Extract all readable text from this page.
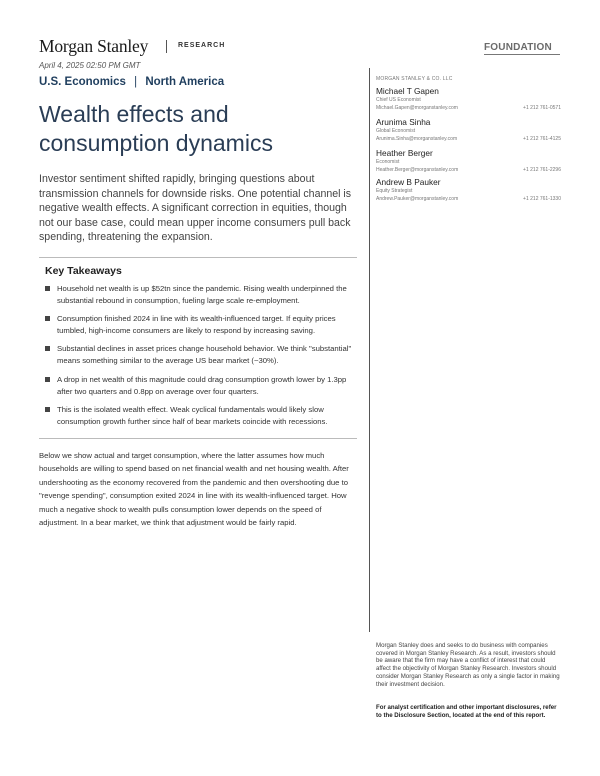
Morgan Stanley	RESEARCH	FOUNDATION
April 4, 2025 02:50 PM GMT
U.S. Economics | North America
Wealth effects and consumption dynamics
Investor sentiment shifted rapidly, bringing questions about transmission channels for downside risks. One potential channel is negative wealth effects. A significant correction in equities, though not our base case, could mean upper income consumers pull back spending, threatening the expansion.
Key Takeaways
Household net wealth is up $52tn since the pandemic. Rising wealth underpinned the substantial rebound in consumption, fueling large scale re-employment.
Consumption finished 2024 in line with its wealth-influenced target. If equity prices tumbled, high-income consumers are likely to respond by increasing saving.
Substantial declines in asset prices change household behavior. We think "substantial" means something similar to the average US bear market (~30%).
A drop in net wealth of this magnitude could drag consumption growth lower by 1.3pp after two quarters and 0.8pp on average over four quarters.
This is the isolated wealth effect. Weak cyclical fundamentals would likely slow consumption growth further since half of bear markets coincide with recessions.
Below we show actual and target consumption, where the latter assumes how much households are willing to spend based on net financial wealth and net housing wealth. After undershooting as the economy recovered from the pandemic and then overshooting due to "revenge spending", consumption exited 2024 in line with its wealth-influenced target. How much a negative shock to wealth pulls consumption lower depends on the speed of adjustment. In a bear market, we think that adjustment would be fairly rapid.
MORGAN STANLEY & CO. LLC
Michael T Gapen
Chief US Economist
Michael.Gapen@morganstanley.com	+1 212 761-0571
Arunima Sinha
Global Economist
Arunima.Sinha@morganstanley.com	+1 212 761-4125
Heather Berger
Economist
Heather.Berger@morganstanley.com	+1 212 761-2296
Andrew B Pauker
Equity Strategist
Andrew.Pauker@morganstanley.com	+1 212 761-1330
Morgan Stanley does and seeks to do business with companies covered in Morgan Stanley Research. As a result, investors should be aware that the firm may have a conflict of interest that could affect the objectivity of Morgan Stanley Research. Investors should consider Morgan Stanley Research as only a single factor in making their investment decision.
For analyst certification and other important disclosures, refer to the Disclosure Section, located at the end of this report.
